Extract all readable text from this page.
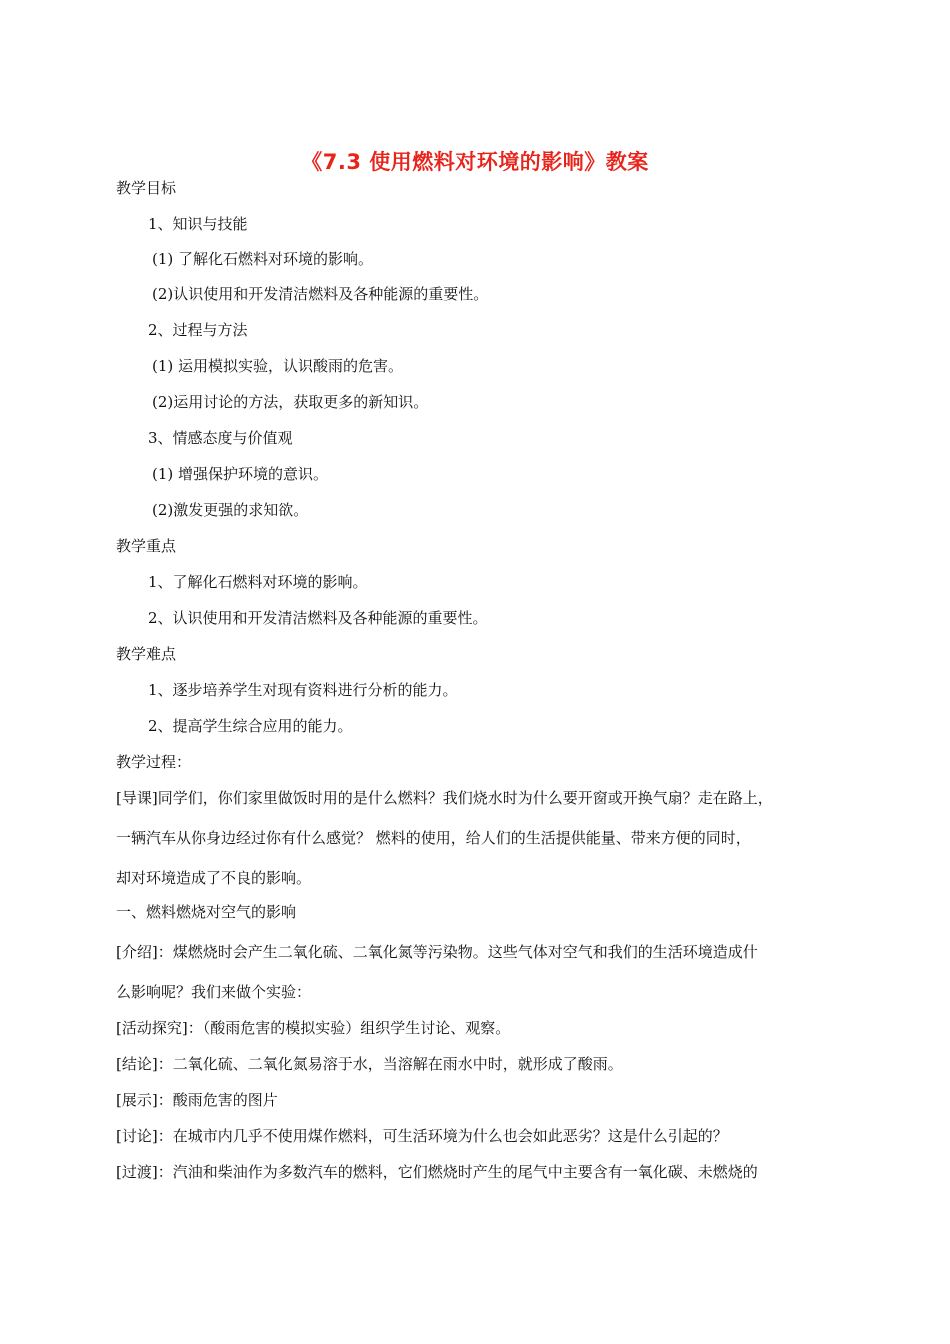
《7.3 使用燃料对环境的影响》教案
教学目标
1、知识与技能
(1) 了解化石燃料对环境的影响。
(2)认识使用和开发清洁燃料及各种能源的重要性。
2、过程与方法
(1) 运用模拟实验，认识酸雨的危害。
(2)运用讨论的方法，获取更多的新知识。
3、情感态度与价值观
(1) 增强保护环境的意识。
(2)激发更强的求知欲。
教学重点
1、了解化石燃料对环境的影响。
2、认识使用和开发清洁燃料及各种能源的重要性。
教学难点
1、逐步培养学生对现有资料进行分析的能力。
2、提高学生综合应用的能力。
教学过程：
[导课]同学们，你们家里做饭时用的是什么燃料？我们烧水时为什么要开窗或开换气扇？走在路上，
一辆汽车从你身边经过你有什么感觉？ 燃料的使用，给人们的生活提供能量、带来方便的同时，
却对环境造成了不良的影响。
一、燃料燃烧对空气的影响
[介绍]：煤燃烧时会产生二氧化硫、二氧化氮等污染物。这些气体对空气和我们的生活环境造成什
么影响呢？我们来做个实验：
[活动探究]：（酸雨危害的模拟实验）组织学生讨论、观察。
[结论]：二氧化硫、二氧化氮易溶于水，当溶解在雨水中时，就形成了酸雨。
[展示]：酸雨危害的图片
[讨论]：在城市内几乎不使用煤作燃料，可生活环境为什么也会如此恶劣？这是什么引起的？
[过渡]：汽油和柴油作为多数汽车的燃料，它们燃烧时产生的尾气中主要含有一氧化碳、未燃烧的
